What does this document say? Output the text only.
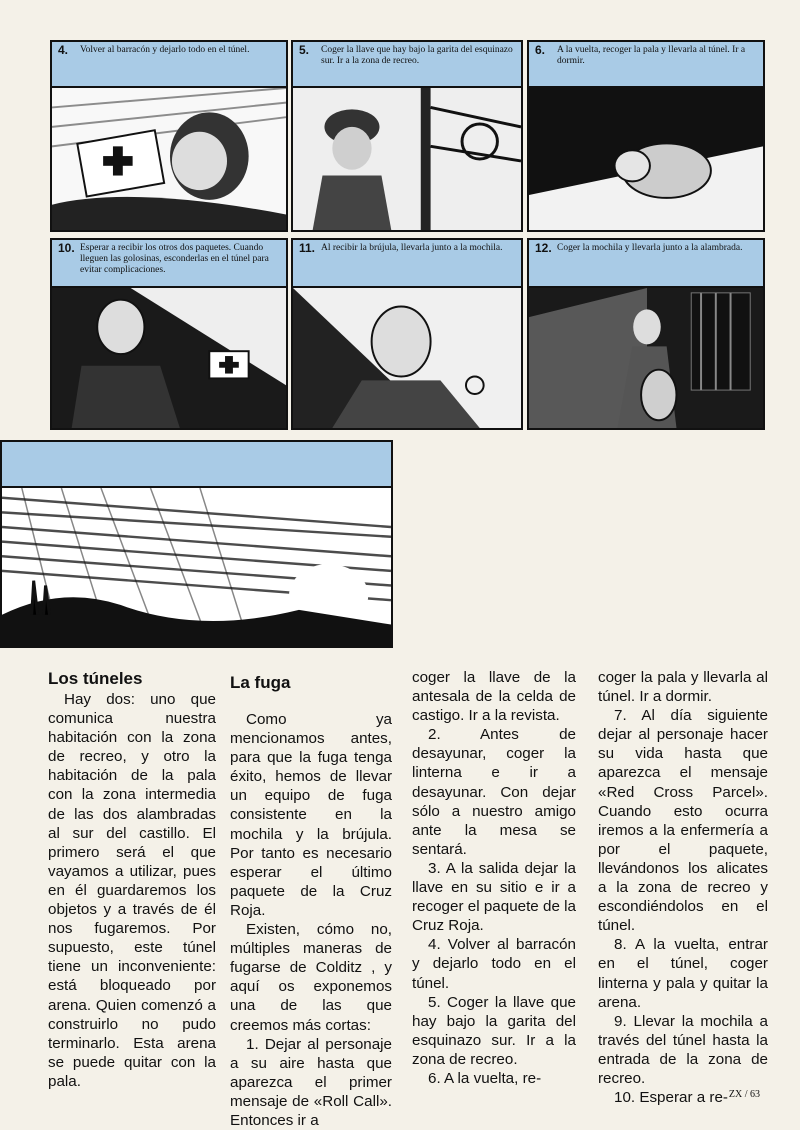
4. Volver al barracón y dejarlo todo en el túnel.	5. Coger la llave que hay bajo la garita del esquinazo sur. Ir a la zona de recreo.
6. A la vuelta, recoger la pala y llevarla al túnel. Ir a dormir.
10. Esperar a recibir los otros dos paquetes. Cuando lleguen las golosinas, esconderlas en el túnel para evitar complicaciones.
11. Al recibir la brújula, llevarla junto a la mochila.	12. Coger la mochila y llevarla junto a la alambrada.
Los túneles

Hay dos: uno que comunica nuestra habitación con la zona de recreo, y otro la habitación de la pala con la zona intermedia de las dos alambradas al sur del castillo. El primero será el que vayamos a utilizar, pues en él guardaremos los objetos y a través de él nos fugaremos. Por supuesto, este túnel tiene un inconveniente: está bloqueado por arena. Quien comenzó a construirlo no pudo terminarlo. Esta arena se puede quitar con la pala.

La fuga

Como ya mencionamos antes, para que la fuga tenga éxito, hemos de llevar un equipo de fuga consistente en la mochila y la brújula. Por tanto es necesario esperar el último paquete de la Cruz Roja.

Existen, cómo no, múltiples maneras de fugarse de Colditz , y aquí os exponemos una de las que creemos más cortas:

1. Dejar al personaje a su aire hasta que aparezca el primer mensaje de «Roll Call». Entonces ir a

coger la llave de la antesala de la celda de castigo. Ir a la revista.

2. Antes de desayunar, coger la linterna e ir a desayunar. Con dejar sólo a nuestro amigo ante la mesa se sentará.

3. A la salida dejar la llave en su sitio e ir a recoger el paquete de la Cruz Roja.

4. Volver al barracón y dejarlo todo en el túnel.

5. Coger la llave que hay bajo la garita del esquinazo sur. Ir a la zona de recreo.

6. A la vuelta, re-

coger la pala y llevarla al túnel. Ir a dormir.

7. Al día siguiente dejar al personaje hacer su vida hasta que aparezca el mensaje «Red Cross Parcel». Cuando esto ocurra iremos a la enfermería a por el paquete, llevándonos los alicates a la zona de recreo y escondiéndolos en el túnel.

8. A la vuelta, entrar en el túnel, coger linterna y pala y quitar la arena.

9. Llevar la mochila a través del túnel hasta la entrada de la zona de recreo.

10. Esperar a re- ZX / 63
